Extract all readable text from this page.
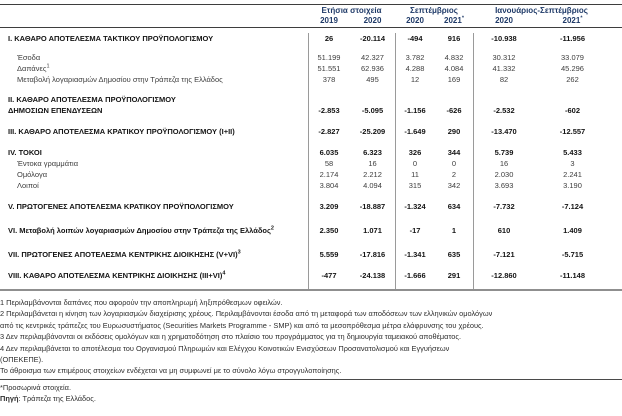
Ετήσια στοιχεία	Σεπτέμβριος	Ιανουάριος-Σεπτέμβριος
2019	2020	2020	2021*	2020	2021*
I. ΚΑΘΑΡΟ ΑΠΟΤΕΛΕΣΜΑ ΤΑΚΤΙΚΟΥ ΠΡΟΫΠΟΛΟΓΙΣΜΟΥ	26	-20.114	-494	916	-10.938	-11.956
Έσοδα	51.199	42.327	3.782	4.832	30.312	33.079
Δαπάνες$^1$	51.551	62.936	4.288	4.084	41.332	45.296
Μεταβολή λογαριασμών Δημοσίου στην Τράπεζα της Ελλάδος	378	495	12	169	82	262
II. ΚΑΘΑΡΟ ΑΠΟΤΕΛΕΣΜΑ ΠΡΟΫΠΟΛΟΓΙΣΜΟΥ
ΔΗΜΟΣΙΩΝ ΕΠΕΝΔΥΣΕΩΝ	-2.853	-5.095	-1.156	-626	-2.532	-602
III. ΚΑΘΑΡΟ ΑΠΟΤΕΛΕΣΜΑ ΚΡΑΤΙΚΟΥ ΠΡΟΫΠΟΛΟΓΙΣΜΟΥ (I+II)	-2.827	-25.209	-1.649	290	-13.470	-12.557
IV. ΤΟΚΟΙ	6.035	6.323	326	344	5.739	5.433
Έντοκα γραμμάτια	58	16	0	0	16	3
Ομόλογα	2.174	2.212	11	2	2.030	2.241
Λοιποί	3.804	4.094	315	342	3.693	3.190
V. ΠΡΩΤΟΓΕΝΕΣ ΑΠΟΤΕΛΕΣΜΑ ΚΡΑΤΙΚΟΥ ΠΡΟΫΠΟΛΟΓΙΣΜΟΥ	3.209	-18.887	-1.324	634	-7.732	-7.124
VI. Μεταβολή λοιπών λογαριασμών Δημοσίου στην Τράπεζα της Ελλάδος$^2$	2.350	1.071	-17	1	610	1.409
VII. ΠΡΩΤΟΓΕΝΕΣ ΑΠΟΤΕΛΕΣΜΑ ΚΕΝΤΡΙΚΗΣ ΔΙΟΙΚΗΣΗΣ $(V+VI)^3$	5.559	-17.816	-1.341	635	-7.121	-5.715
VIII. ΚΑΘΑΡΟ ΑΠΟΤΕΛΕΣΜΑ ΚΕΝΤΡΙΚΗΣ ΔΙΟΙΚΗΣΗΣ $(III+VI)^4$	-477	-24.138	-1.666	291	-12.860	-11.148
1 Περιλαμβάνονται δαπάνες που αφορούν την αποπληρωμή ληξιπρόθεσμων οφειλών.
2 Περιλαμβάνεται η κίνηση των λογαριασμών διαχείρισης χρέους. Περιλαμβάνονται έσοδα από τη μεταφορά των αποδόσεων των ελληνικών ομολόγων
από τις κεντρικές τράπεζες του Ευρωσυστήματος (Securities Markets Programme - SMP) και από τα μεσοπρόθεσμα μέτρα ελάφρυνσης του χρέους.
3 Δεν περιλαμβάνονται οι εκδόσεις ομολόγων και η χρηματοδότηση στο πλαίσιο του προγράμματος για τη δημιουργία ταμειακού αποθέματος.
4 Δεν περιλαμβάνεται το αποτέλεσμα του Οργανισμού Πληρωμών και Ελέγχου Κοινοτικών Ενισχύσεων Προσανατολισμού και Εγγυήσεων
(ΟΠΕΚΕΠΕ).
Το άθροισμα των επιμέρους στοιχείων ενδέχεται να μη συμφωνεί με το σύνολο λόγω στρογγυλοποίησης.
*Προσωρινά στοιχεία.
Πηγή: Τράπεζα της Ελλάδος.
